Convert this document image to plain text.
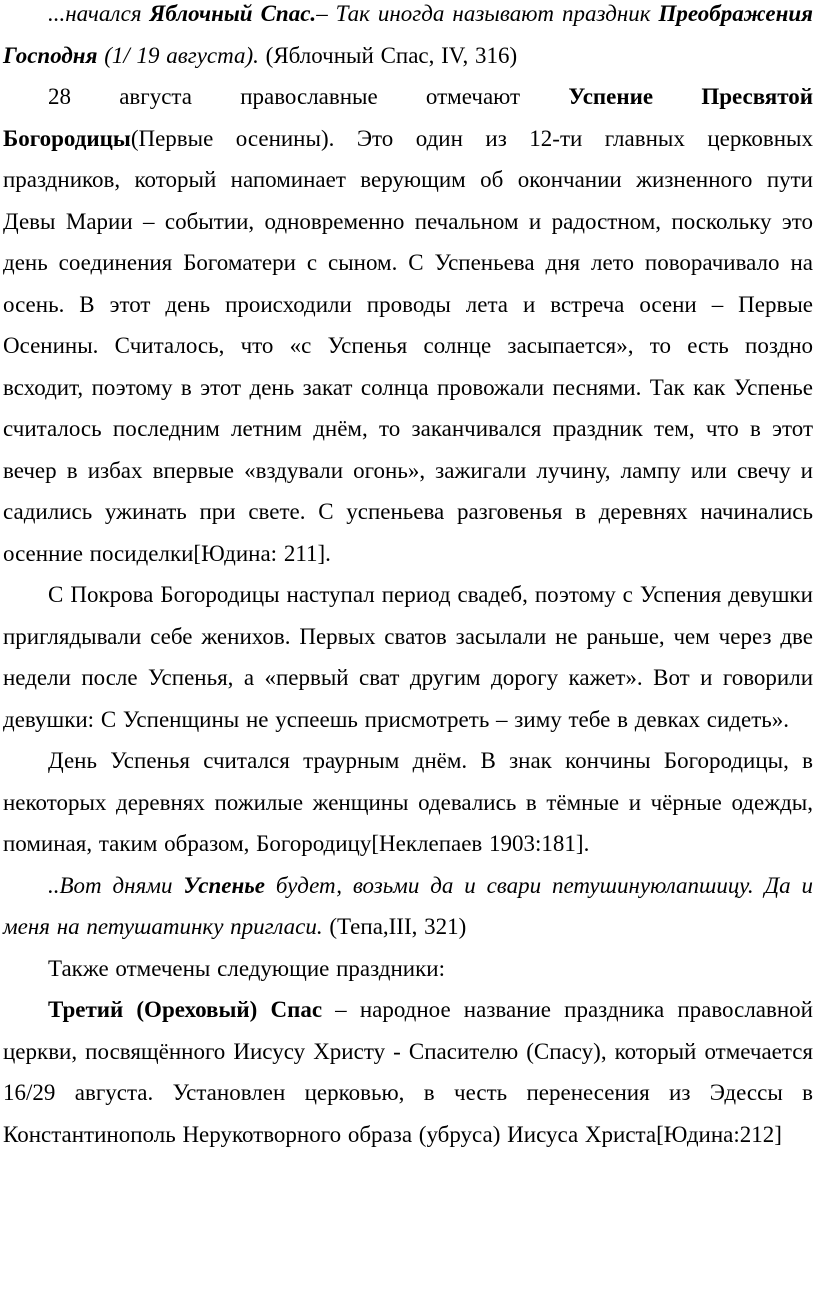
...начался Яблочный Спас.– Так иногда называют праздник Преображения Господня (1/ 19 августа). (Яблочный Спас, IV, 316)

28 августа православные отмечают Успение Пресвятой Богородицы(Первые осенины). Это один из 12-ти главных церковных праздников, который напоминает верующим об окончании жизненного пути Девы Марии – событии, одновременно печальном и радостном, поскольку это день соединения Богоматери с сыном. С Успеньева дня лето поворачивало на осень. В этот день происходили проводы лета и встреча осени – Первые Осенины. Считалось, что «с Успенья солнце засыпается», то есть поздно всходит, поэтому в этот день закат солнца провожали песнями. Так как Успенье считалось последним летним днём, то заканчивался праздник тем, что в этот вечер в избах впервые «вздували огонь», зажигали лучину, лампу или свечу и садились ужинать при свете. С успеньева разговенья в деревнях начинались осенние посиделки[Юдина: 211].

С Покрова Богородицы наступал период свадеб, поэтому с Успения девушки приглядывали себе женихов. Первых сватов засылали не раньше, чем через две недели после Успенья, а «первый сват другим дорогу кажет». Вот и говорили девушки: С Успенщины не успеешь присмотреть – зиму тебе в девках сидеть».

День Успенья считался траурным днём. В знак кончины Богородицы, в некоторых деревнях пожилые женщины одевались в тёмные и чёрные одежды, поминая, таким образом, Богородицу[Неклепаев 1903:181].

..Вот днями Успенье будет, возьми да и свари петушинуюлапшицу. Да и меня на петушатинку пригласи. (Тепа,III, 321)

Также отмечены следующие праздники:

Третий (Ореховый) Спас – народное название праздника православной церкви, посвящённого Иисусу Христу - Спасителю (Спасу), который отмечается 16/29 августа. Установлен церковью, в честь перенесения из Эдессы в Константинополь Нерукотворного образа (убруса) Иисуса Христа[Юдина:212]
